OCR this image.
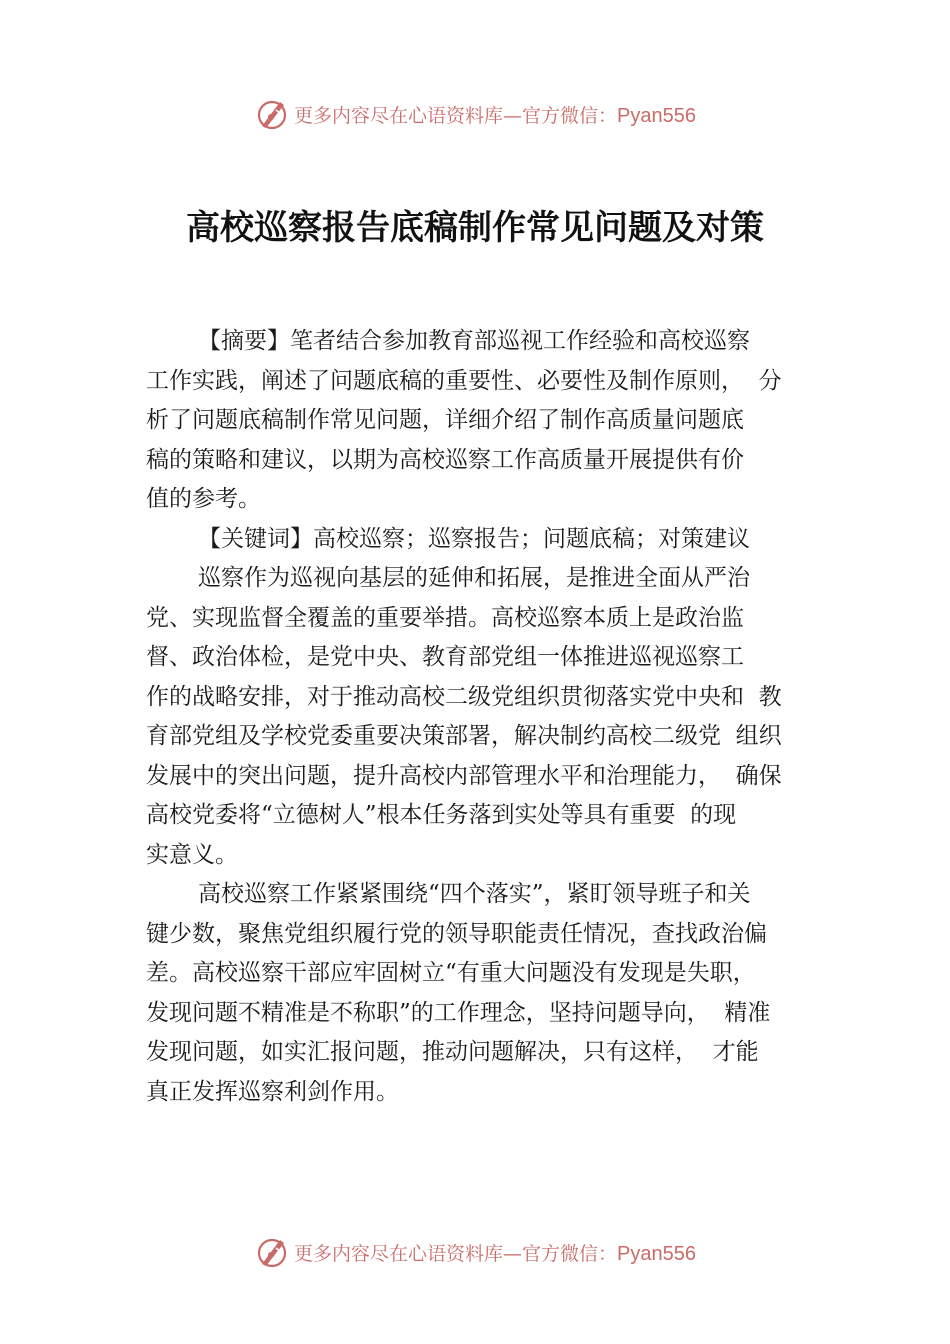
更多内容尽在心语资料库—官方微信：Pyan556
高校巡察报告底稿制作常见问题及对策
【摘要】笔者结合参加教育部巡视工作经验和高校巡察
工作实践，阐述了问题底稿的重要性、必要性及制作原则，  分
析了问题底稿制作常见问题，详细介绍了制作高质量问题底
稿的策略和建议，以期为高校巡察工作高质量开展提供有价
值的参考。
【关键词】高校巡察；巡察报告；问题底稿；对策建议
巡察作为巡视向基层的延伸和拓展，是推进全面从严治
党、实现监督全覆盖的重要举措。高校巡察本质上是政治监
督、政治体检，是党中央、教育部党组一体推进巡视巡察工
作的战略安排，对于推动高校二级党组织贯彻落实党中央和  教
育部党组及学校党委重要决策部署，解决制约高校二级党  组织
发展中的突出问题，提升高校内部管理水平和治理能力，  确保
高校党委将“立德树人”根本任务落到实处等具有重要  的现
实意义。
高校巡察工作紧紧围绕“四个落实”，紧盯领导班子和关
键少数，聚焦党组织履行党的领导职能责任情况，查找政治偏
差。高校巡察干部应牢固树立“有重大问题没有发现是失职，
发现问题不精准是不称职”的工作理念，坚持问题导向，  精准
发现问题，如实汇报问题，推动问题解决，只有这样，  才能
真正发挥巡察利剑作用。
更多内容尽在心语资料库—官方微信：Pyan556
